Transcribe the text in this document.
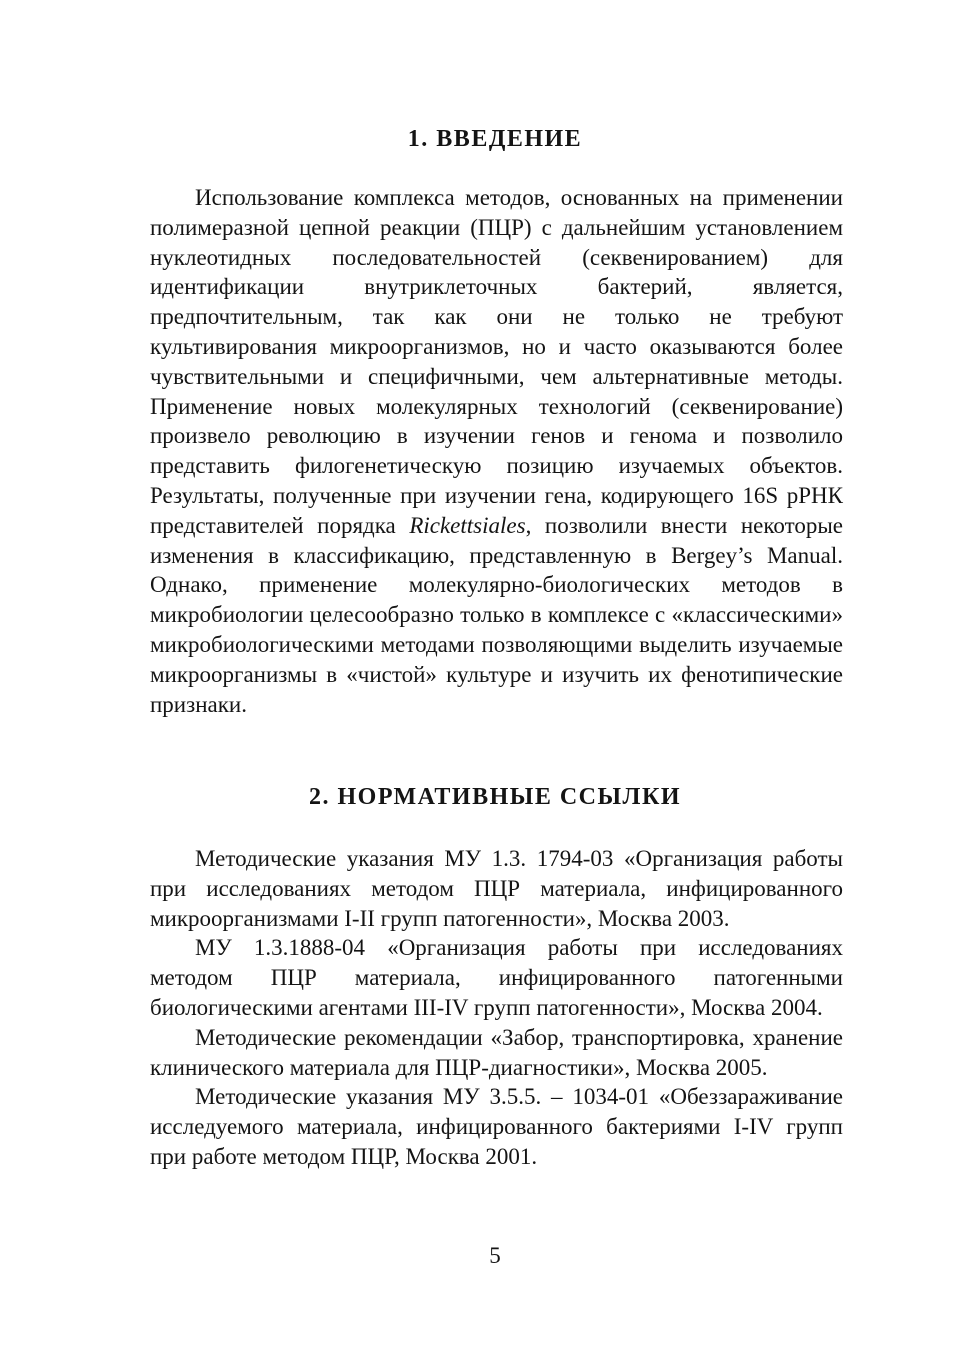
1. ВВЕДЕНИЕ

Использование комплекса методов, основанных на применении полимеразной цепной реакции (ПЦР) с дальнейшим установлением нуклеотидных последовательностей (секвенированием) для идентификации внутриклеточных бактерий, является, предпочтительным, так как они не только не требуют культивирования микроорганизмов, но и часто оказываются более чувствительными и специфичными, чем альтернативные методы. Применение новых молекулярных технологий (секвенирование) произвело революцию в изучении генов и генома и позволило представить филогенетическую позицию изучаемых объектов. Результаты, полученные при изучении гена, кодирующего 16S рРНК представителей порядка Rickettsiales, позволили внести некоторые изменения в классификацию, представленную в Bergey’s Manual. Однако, применение молекулярно-биологических методов в микробиологии целесообразно только в комплексе с «классическими» микробиологическими методами позволяющими выделить изучаемые микроорганизмы в «чистой» культуре и изучить их фенотипические признаки.

2. НОРМАТИВНЫЕ ССЫЛКИ

Методические указания МУ 1.3. 1794-03 «Организация работы при исследованиях методом ПЦР материала, инфицированного микроорганизмами I-II групп патогенности», Москва 2003.

МУ 1.3.1888-04 «Организация работы при исследованиях методом ПЦР материала, инфицированного патогенными биологическими агентами III-IV групп патогенности», Москва 2004.

Методические рекомендации «Забор, транспортировка, хранение клинического материала для ПЦР-диагностики», Москва 2005.

Методические указания МУ 3.5.5. – 1034-01 «Обеззараживание исследуемого материала, инфицированного бактериями I-IV групп при работе методом ПЦР, Москва 2001.

5
